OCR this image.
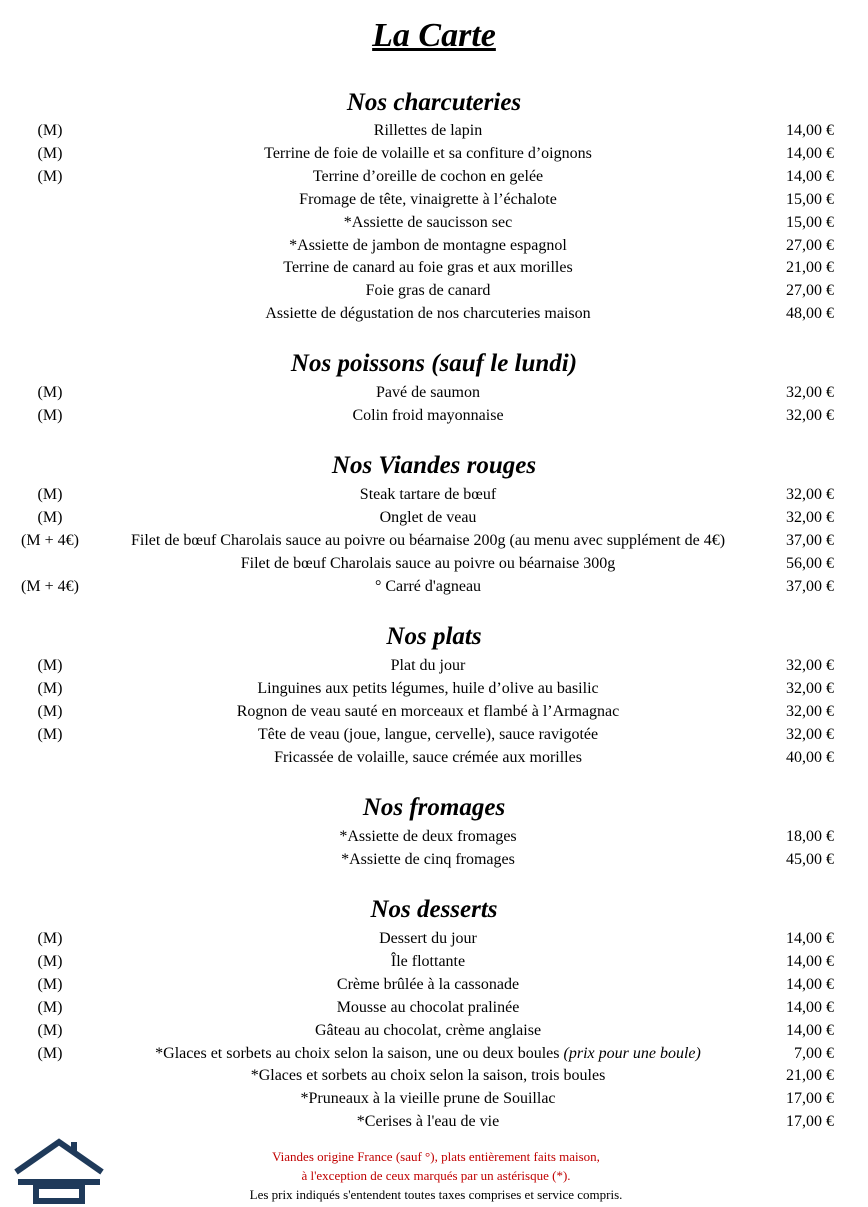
La Carte
Nos charcuteries
(M)	Rillettes de lapin	14,00 €
(M)	Terrine de foie de volaille et sa confiture d’oignons	14,00 €
(M)	Terrine d’oreille de cochon en gelée	14,00 €
Fromage de tête, vinaigrette à l’échalote	15,00 €
*Assiette de saucisson sec	15,00 €
*Assiette de jambon de montagne espagnol	27,00 €
Terrine de canard au foie gras et aux morilles	21,00 €
Foie gras de canard	27,00 €
Assiette de dégustation de nos charcuteries maison	48,00 €
Nos poissons (sauf le lundi)
(M)	Pavé de saumon	32,00 €
(M)	Colin froid mayonnaise	32,00 €
Nos Viandes rouges
(M)	Steak tartare de bœuf	32,00 €
(M)	Onglet de veau	32,00 €
(M + 4€)	Filet de bœuf Charolais sauce au poivre ou béarnaise 200g (au menu avec supplément de 4€)	37,00 €
Filet de bœuf Charolais sauce au poivre ou béarnaise 300g	56,00 €
(M + 4€)	° Carré d'agneau	37,00 €
Nos plats
(M)	Plat du jour	32,00 €
(M)	Linguines aux petits légumes, huile d’olive au basilic	32,00 €
(M)	Rognon de veau sauté en morceaux et flambé à l’Armagnac	32,00 €
(M)	Tête de veau (joue, langue, cervelle), sauce ravigotée	32,00 €
Fricassée de volaille, sauce crémée aux morilles	40,00 €
Nos fromages
*Assiette de deux fromages	18,00 €
*Assiette de cinq fromages	45,00 €
Nos desserts
(M)	Dessert du jour	14,00 €
(M)	Île flottante	14,00 €
(M)	Crème brûlée à la cassonade	14,00 €
(M)	Mousse au chocolat pralinée	14,00 €
(M)	Gâteau au chocolat, crème anglaise	14,00 €
(M)	*Glaces et sorbets au choix selon la saison, une ou deux boules (prix pour une boule)	7,00 €
*Glaces et sorbets au choix selon la saison, trois boules	21,00 €
*Pruneaux à la vieille prune de Souillac	17,00 €
*Cerises à l'eau de vie	17,00 €
Viandes origine France (sauf °), plats entièrement faits maison,
à l'exception de ceux marqués par un astérisque (*).
Les prix indiqués s'entendent toutes taxes comprises et service compris.
